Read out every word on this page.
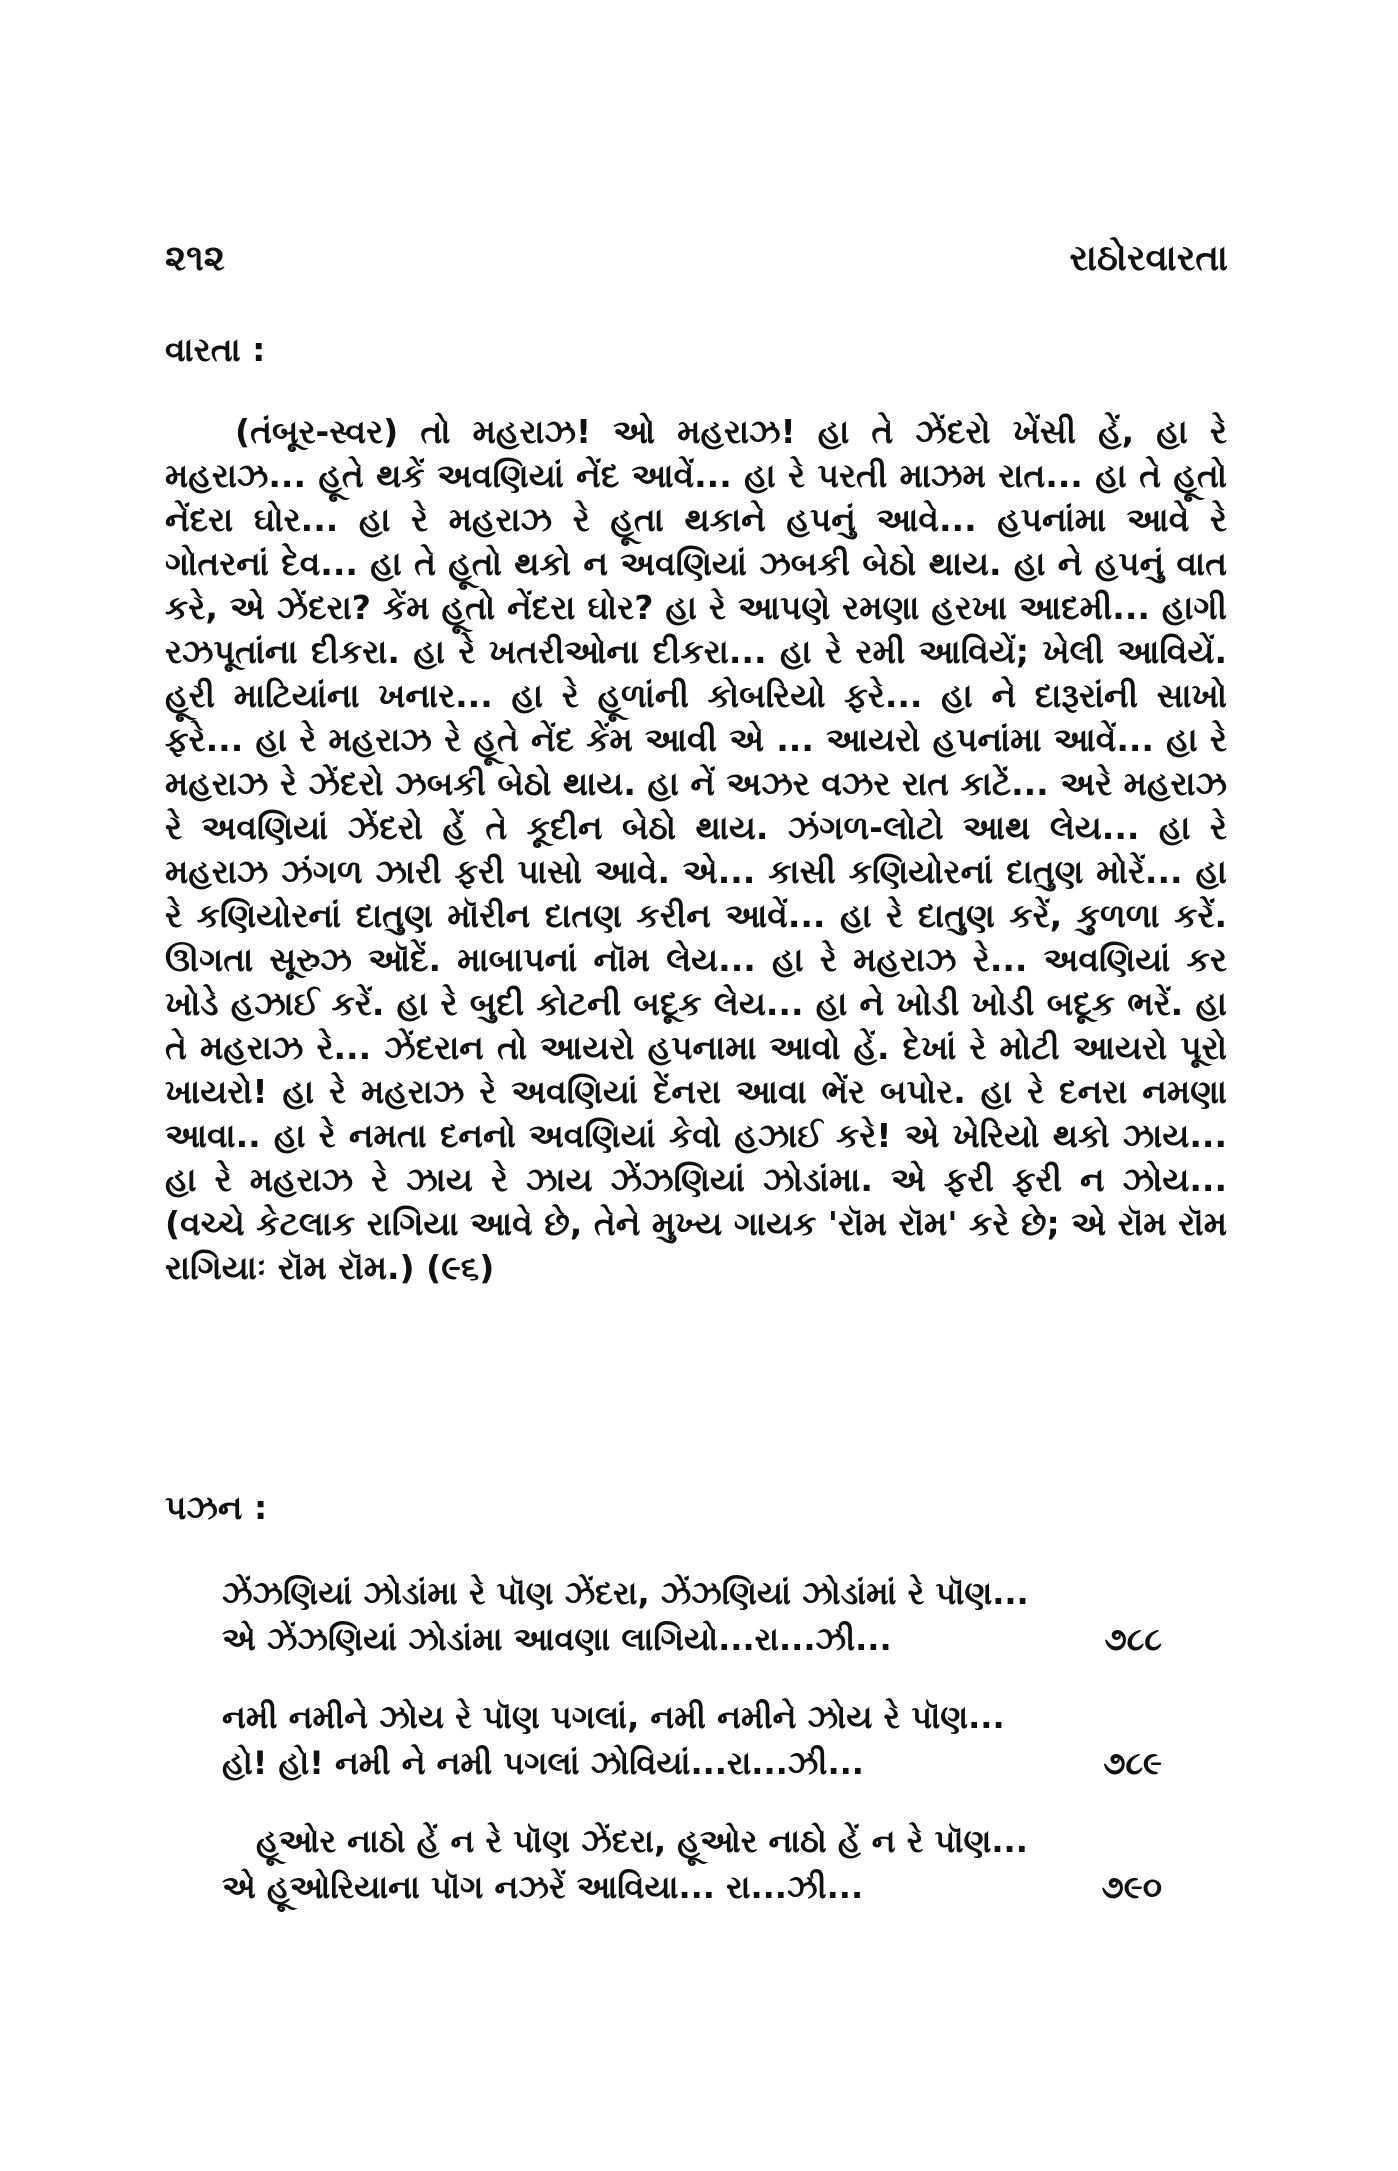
૨૧૨	રાઠોરવારતા
વારતા :

(તંબૂર-સ્વર) તો મહરાઝ! ઓ મહરાઝ! હા તે ઝેંદરો ખેંસી હેં, હા રે મહરાઝ... હૂતે થકેં અવણિયાં નેંદ આવેં... હા રે પરતી માઝમ રાત... હા તે હૂતો નેંદરા ઘોર... હા રે મહરાઝ રે હૂતા થકાને હપનું આવે... હપનાંમા આવે રે ગોતરનાં દેવ... હા તે હૂતો થકો ન અવણિયાં ઝબકી બેઠો થાય. હા ને હપનું વાત કરે, એ ઝેંદરા? કેંમ હૂતો નેંદરા ઘોર? હા રે આપણે રમણા હરખા આદમી... હાગી રઝપૂતાંના દીકરા. હા રે ખતરીઓના દીકરા... હા રે રમી આવિયેં; ખેલી આવિયેં. હૂરી માટિયાંના ખનાર... હા રે હૂળાંની કોબરિયો ફરે... હા ને દારૂરાંની સાખો ફરે... હા રે મહરાઝ રે હૂતે નેંદ કેંમ આવી એ ... આયરો હપનાંમા આવેં... હા રે મહરાઝ રે ઝેંદરો ઝબકી બેઠો થાય. હા નેં અઝર વઝર રાત કાટેં... અરે મહરાઝ રે અવણિયાં ઝેંદરો હેં તે કૂદીન બેઠો થાય. ઝંગળ-લોટો આથ લેય... હા રે મહરાઝ ઝંગળ ઝારી ફરી પાસો આવે. એ... કાસી કણિયોરનાં દાતુણ મોરેં... હા રે કણિયોરનાં દાતુણ મૉરીન દાતણ કરીન આવેં... હા રે દાતુણ કરેં, કુળળા કરેં. ઊગતા સૂરુઝ ઑદેં. માબાપનાં નૉમ લેય... હા રે મહરાઝ રે... અવણિયાં કર ખોડે હઝાઈ કરેં. હા રે બુદી કોટની બદૂક લેય... હા ને ખોડી ખોડી બદૂક ભરેં. હા તે મહરાઝ રે... ઝેંદરાન તો આયરો હપનામા આવો હેં. દેખાં રે મોટી આયરો પૂરો ખાયરો! હા રે મહરાઝ રે અવણિયાં દેંનરા આવા ભેંર બપોર. હા રે દનરા નમણા આવા.. હા રે નમતા દનનો અવણિયાં કેવો હઝાઈ કરે! એ ખેરિયો થકો ઝાય... હા રે મહરાઝ રે ઝાય રે ઝાય ઝેંઝણિયાં ઝોડાંમા. એ ફરી ફરી ન ઝોય... (વચ્ચે કેટલાક રાગિયા આવે છે, તેને મુખ્ય ગાયક 'રૉમ રૉમ' કરે છે; એ રૉમ રૉમ રાગિયાઃ રૉમ રૉમ.) (૯૬)

પઝન :
ઝેંઝણિયાં ઝોડાંમા રે પૉણ ઝેંદરા, ઝેંઝણિયાં ઝોડાંમાં રે પૉણ...
એ ઝેંઝણિયાં ઝોડાંમા આવણા લાગિયો...રા...ઝી...	૭૮૮
નમી નમીને ઝોય રે પૉણ પગલાં, નમી નમીને ઝોય રે પૉણ...
હો! હો! નમી ને નમી પગલાં ઝોવિયાં...રા...ઝી...	૭૮૯
હૂઓર નાઠો હેં ન રે પૉણ ઝેંદરા, હૂઓર નાઠો હેં ન રે પૉણ...
એ હૂઓરિયાના પૉગ નઝરેં આવિયા... રા...ઝી...	૭૯૦
